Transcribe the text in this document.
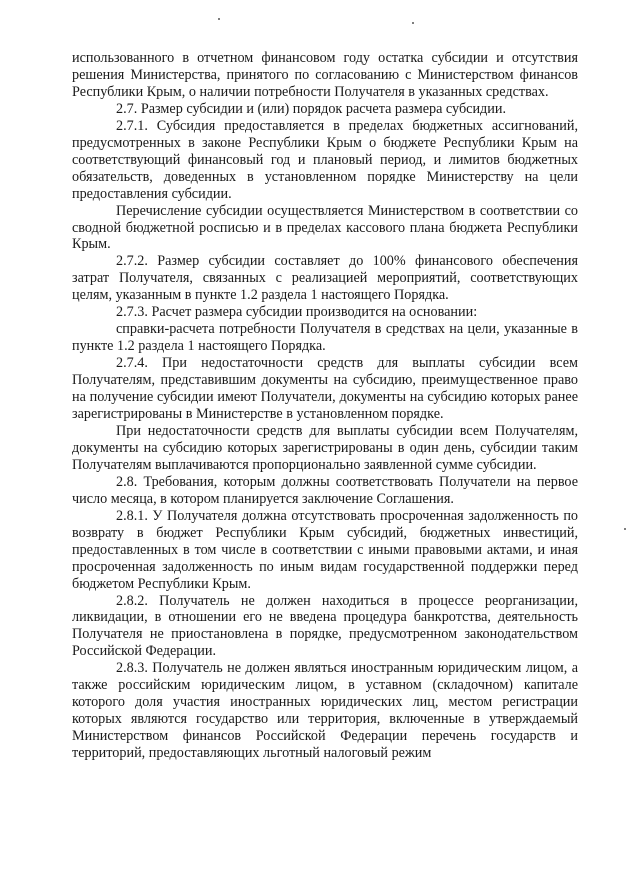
использованного в отчетном финансовом году остатка субсидии и отсутствия решения Министерства, принятого по согласованию с Министерством финансов Республики Крым, о наличии потребности Получателя в указанных средствах.

2.7. Размер субсидии и (или) порядок расчета размера субсидии.

2.7.1. Субсидия предоставляется в пределах бюджетных ассигнований, предусмотренных в законе Республики Крым о бюджете Республики Крым на соответствующий финансовый год и плановый период, и лимитов бюджетных обязательств, доведенных в установленном порядке Министерству на цели предоставления субсидии.

Перечисление субсидии осуществляется Министерством в соответствии со сводной бюджетной росписью и в пределах кассового плана бюджета Республики Крым.

2.7.2. Размер субсидии составляет до 100% финансового обеспечения затрат Получателя, связанных с реализацией мероприятий, соответствующих целям, указанным в пункте 1.2 раздела 1 настоящего Порядка.

2.7.3. Расчет размера субсидии производится на основании:

справки-расчета потребности Получателя в средствах на цели, указанные в пункте 1.2 раздела 1 настоящего Порядка.

2.7.4. При недостаточности средств для выплаты субсидии всем Получателям, представившим документы на субсидию, преимущественное право на получение субсидии имеют Получатели, документы на субсидию которых ранее зарегистрированы в Министерстве в установленном порядке.

При недостаточности средств для выплаты субсидии всем Получателям, документы на субсидию которых зарегистрированы в один день, субсидии таким Получателям выплачиваются пропорционально заявленной сумме субсидии.

2.8. Требования, которым должны соответствовать Получатели на первое число месяца, в котором планируется заключение Соглашения.

2.8.1. У Получателя должна отсутствовать просроченная задолженность по возврату в бюджет Республики Крым субсидий, бюджетных инвестиций, предоставленных в том числе в соответствии с иными правовыми актами, и иная просроченная задолженность по иным видам государственной поддержки перед бюджетом Республики Крым.

2.8.2. Получатель не должен находиться в процессе реорганизации, ликвидации, в отношении его не введена процедура банкротства, деятельность Получателя не приостановлена в порядке, предусмотренном законодательством Российской Федерации.

2.8.3. Получатель не должен являться иностранным юридическим лицом, а также российским юридическим лицом, в уставном (складочном) капитале которого доля участия иностранных юридических лиц, местом регистрации которых являются государство или территория, включенные в утверждаемый Министерством финансов Российской Федерации перечень государств и территорий, предоставляющих льготный налоговый режим
